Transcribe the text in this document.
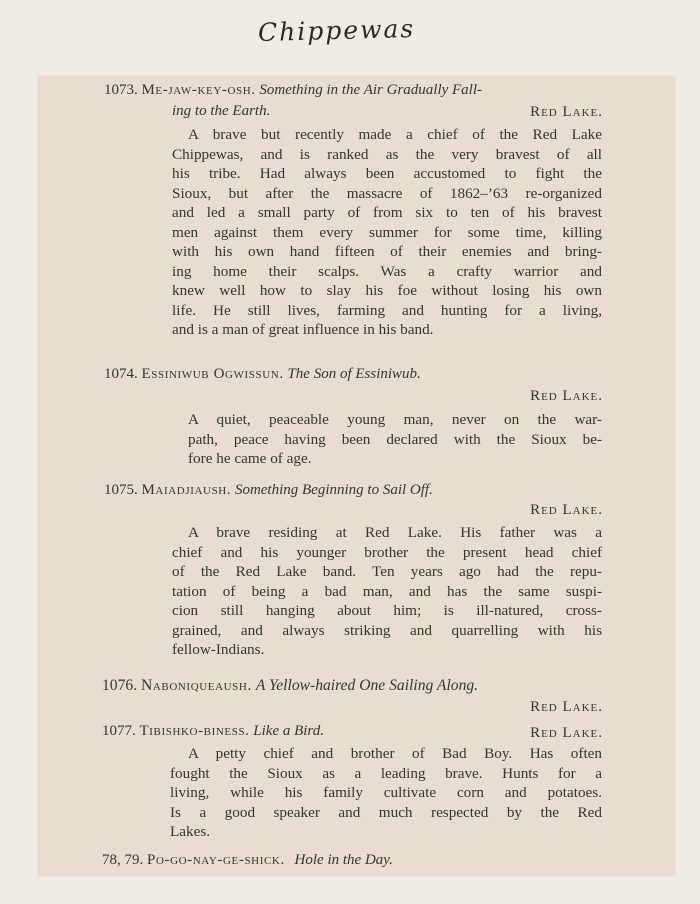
Chippewas
1073. Me-jaw-key-osh. Something in the Air Gradually Fall-
ing to the Earth.	Red Lake.
A brave but recently made a chief of the Red Lake
Chippewas, and is ranked as the very bravest of all
his tribe. Had always been accustomed to fight the
Sioux, but after the massacre of 1862–’63 re-organized
and led a small party of from six to ten of his bravest
men against them every summer for some time, killing
with his own hand fifteen of their enemies and bring-
ing home their scalps. Was a crafty warrior and
knew well how to slay his foe without losing his own
life. He still lives, farming and hunting for a living,
and is a man of great influence in his band.
1074. Essiniwub Ogwissun. The Son of Essiniwub.
Red Lake.
A quiet, peaceable young man, never on the war-
path, peace having been declared with the Sioux be-
fore he came of age.
1075. Maiadjiaush. Something Beginning to Sail Off.
Red Lake.
A brave residing at Red Lake. His father was a
chief and his younger brother the present head chief
of the Red Lake band. Ten years ago had the repu-
tation of being a bad man, and has the same suspi-
cion still hanging about him; is ill-natured, cross-
grained, and always striking and quarrelling with his
fellow-Indians.
1076. Naboniqueaush. A Yellow-haired One Sailing Along.
Red Lake.
1077. Tibishko-biness. Like a Bird.	Red Lake.
A petty chief and brother of Bad Boy. Has often
fought the Sioux as a leading brave. Hunts for a
living, while his family cultivate corn and potatoes.
Is a good speaker and much respected by the Red
Lakes.
78, 79. Po-go-nay-ge-shick. Hole in the Day.
